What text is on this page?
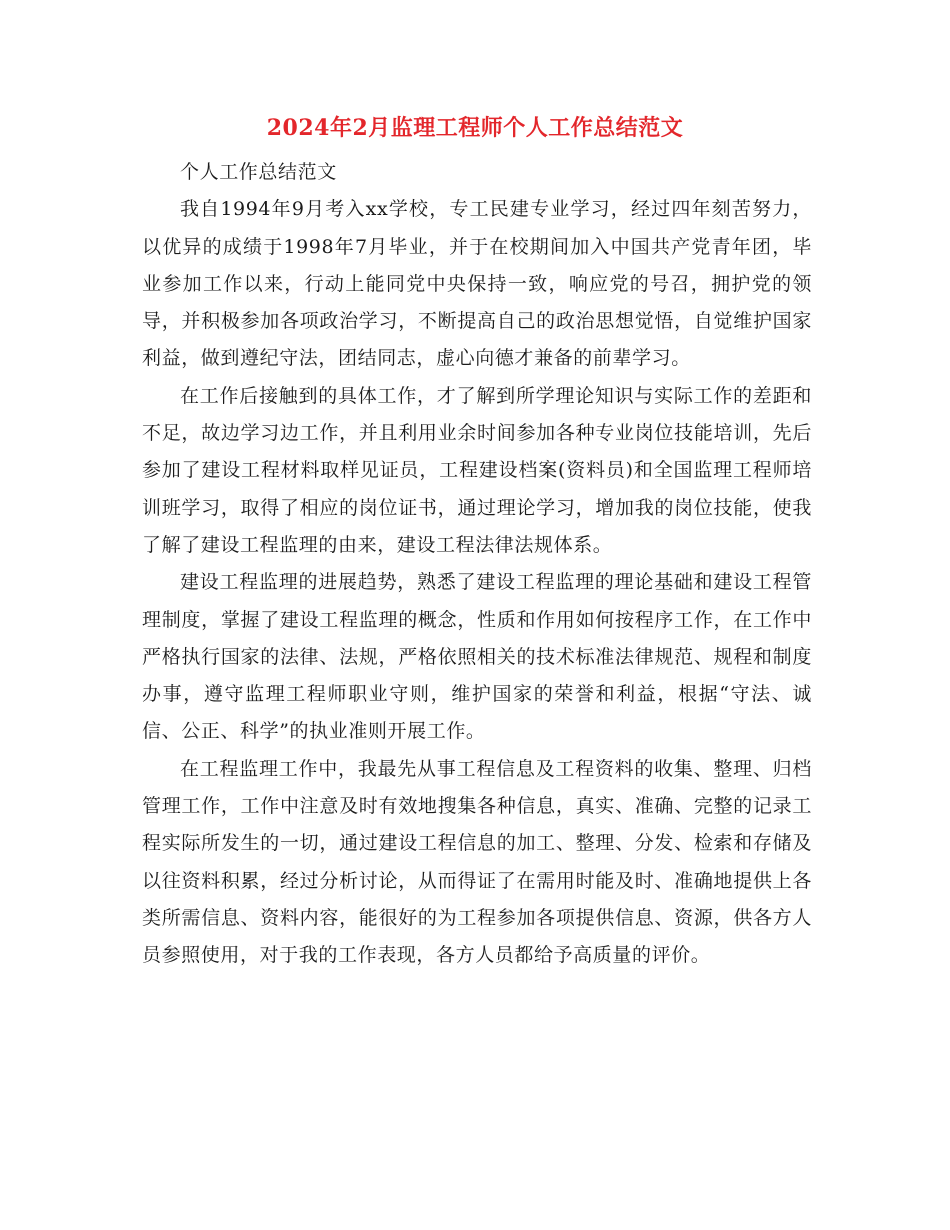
2024年2月监理工程师个人工作总结范文

个人工作总结范文

我自1994年9月考入xx学校，专工民建专业学习，经过四年刻苦努力，以优异的成绩于1998年7月毕业，并于在校期间加入中国共产党青年团，毕业参加工作以来，行动上能同党中央保持一致，响应党的号召，拥护党的领导，并积极参加各项政治学习，不断提高自己的政治思想觉悟，自觉维护国家利益，做到遵纪守法，团结同志，虚心向德才兼备的前辈学习。

在工作后接触到的具体工作，才了解到所学理论知识与实际工作的差距和不足，故边学习边工作，并且利用业余时间参加各种专业岗位技能培训，先后参加了建设工程材料取样见证员，工程建设档案(资料员)和全国监理工程师培训班学习，取得了相应的岗位证书，通过理论学习，增加我的岗位技能，使我了解了建设工程监理的由来，建设工程法律法规体系。

建设工程监理的进展趋势，熟悉了建设工程监理的理论基础和建设工程管理制度，掌握了建设工程监理的概念，性质和作用如何按程序工作，在工作中严格执行国家的法律、法规，严格依照相关的技术标准法律规范、规程和制度办事，遵守监理工程师职业守则，维护国家的荣誉和利益，根据“守法、诚信、公正、科学”的执业准则开展工作。

在工程监理工作中，我最先从事工程信息及工程资料的收集、整理、归档管理工作，工作中注意及时有效地搜集各种信息，真实、准确、完整的记录工程实际所发生的一切，通过建设工程信息的加工、整理、分发、检索和存储及以往资料积累，经过分析讨论，从而得证了在需用时能及时、准确地提供上各类所需信息、资料内容，能很好的为工程参加各项提供信息、资源，供各方人员参照使用，对于我的工作表现，各方人员都给予高质量的评价。
